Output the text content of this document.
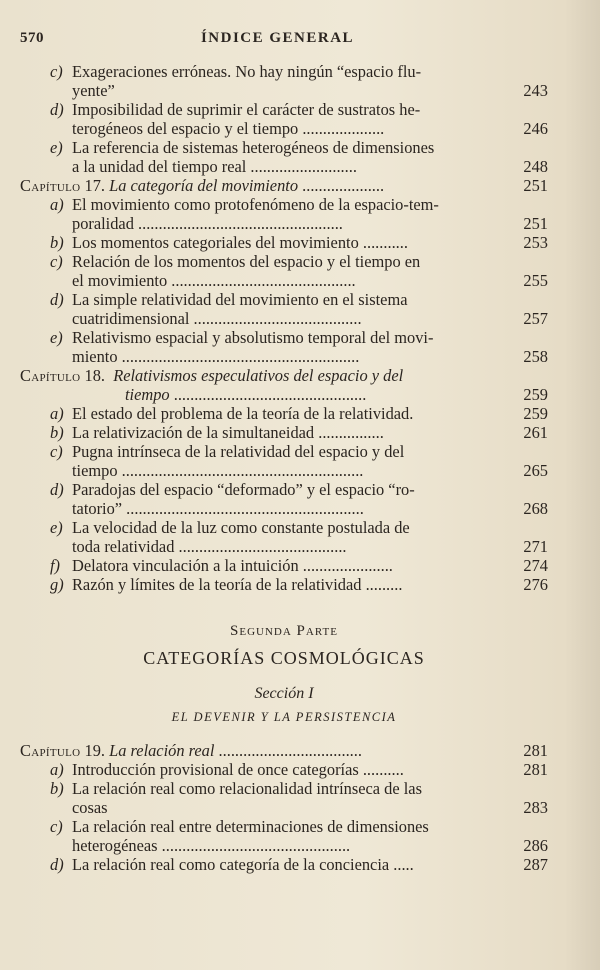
570	ÍNDICE GENERAL
c) Exageraciones erróneas. No hay ningún “espacio flu-
yente”	243
d) Imposibilidad de suprimir el carácter de sustratos he-
terogéneos del espacio y el tiempo ....................	246
e) La referencia de sistemas heterogéneos de dimensiones
a la unidad del tiempo real ..........................	248
Capítulo 17. La categoría del movimiento ....................	251
a) El movimiento como protofenómeno de la espacio-tem-
poralidad ..................................................	251
b) Los momentos categoriales del movimiento ...........	253
c) Relación de los momentos del espacio y el tiempo en
el movimiento .............................................	255
d) La simple relatividad del movimiento en el sistema
cuatridimensional .........................................	257
e) Relativismo espacial y absolutismo temporal del movi-
miento ..........................................................	258
Capítulo 18. Relativismos especulativos del espacio y del
tiempo ...............................................	259
a) El estado del problema de la teoría de la relatividad.	259
b) La relativización de la simultaneidad ................	261
c) Pugna intrínseca de la relatividad del espacio y del
tiempo ...........................................................	265
d) Paradojas del espacio “deformado” y el espacio “ro-
tatorio” ..........................................................	268
e) La velocidad de la luz como constante postulada de
toda relatividad .........................................	271
f) Delatora vinculación a la intuición ......................	274
g) Razón y límites de la teoría de la relatividad .........	276
Segunda Parte
CATEGORÍAS COSMOLÓGICAS
Sección I
EL DEVENIR Y LA PERSISTENCIA
Capítulo 19. La relación real ...................................	281
a) Introducción provisional de once categorías ..........	281
b) La relación real como relacionalidad intrínseca de las
cosas	283
c) La relación real entre determinaciones de dimensiones
heterogéneas ..............................................	286
d) La relación real como categoría de la conciencia .....	287
